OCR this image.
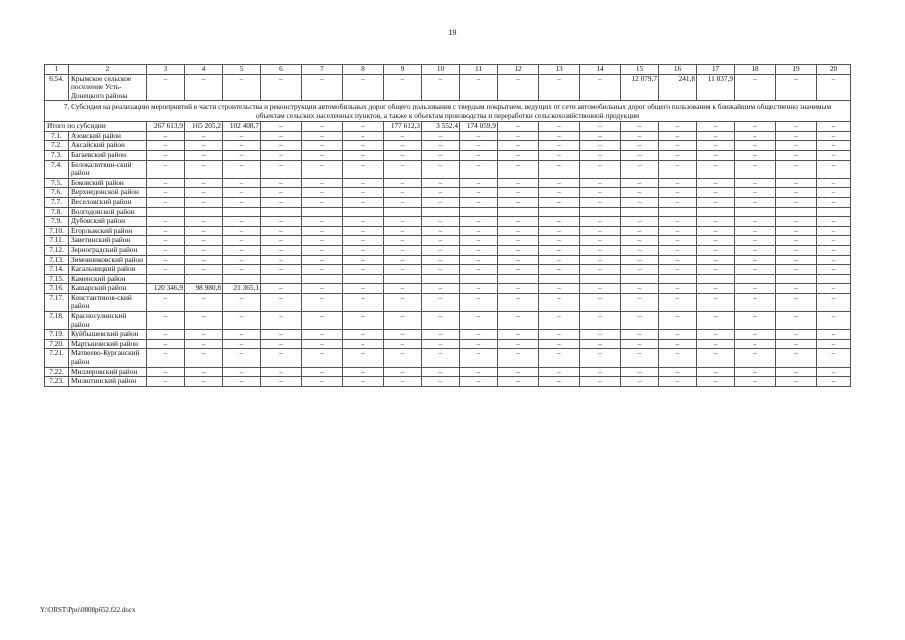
19
1	2	3	4	5	6	7	8	9	10	11	12	13	14	15	16	17	18	19	20
6.54.	Крымское сельское поселение Усть-Донецкого района	–	–	–	–	–	–	–	–	–	–	–	–	12 079,7	241,8	11 837,9	–	–	–
7. Субсидия на реализацию мероприятий в части строительства и реконструкции автомобильных дорог общего пользования с твердым покрытием, ведущих от сети автомобильных дорог общего пользования к ближайшим общественно значимым объектам сельских населенных пунктов, а также к объектам производства и переработки сельскохозяйственной продукции																			
Итого по субсидии		267 613,9	165 205,2	102 408,7	–	–	–	177 612,3	3 552,4	174 059,9	–	–	–	–	–	–	–	–	–
7.1.	Азовский район	–	–	–	–	–	–	–	–	–	–	–	–	–	–	–	–	–	–
7.2.	Аксайский район	–	–	–	–	–	–	–	–	–	–	–	–	–	–	–	–	–	–
7.3.	Багаевский район	–	–	–	–	–	–	–	–	–	–	–	–	–	–	–	–	–	–
7.4.	Белокалитвин-ский район	–	–	–	–	–	–	–	–	–	–	–	–	–	–	–	–	–	–
7.5.	Боковский район	–	–	–	–	–	–	–	–	–	–	–	–	–	–	–	–	–	–
7.6.	Верхнедонской район	–	–	–	–	–	–	–	–	–	–	–	–	–	–	–	–	–	–
7.7.	Веселовский район	–	–	–	–	–	–	–	–	–	–	–	–	–	–	–	–	–	–
7.8.	Волгодонской район																		
7.9.	Дубовский район	–	–	–	–	–	–	–	–	–	–	–	–	–	–	–	–	–	–
7.10.	Егорлыкский район	–	–	–	–	–	–	–	–	–	–	–	–	–	–	–	–	–	–
7.11.	Заветинский район	–	–	–	–	–	–	–	–	–	–	–	–	–	–	–	–	–	–
7.12.	Зерноградский район	–	–	–	–	–	–	–	–	–	–	–	–	–	–	–	–	–	–
7.13.	Зимовниковский район	–	–	–	–	–	–	–	–	–	–	–	–	–	–	–	–	–	–
7.14.	Кагальницкий район	–	–	–	–	–	–	–	–	–	–	–	–	–	–	–	–	–	–
7.15.	Каменский район																		
7.16.	Кашарский район	120 346,9	98 980,8	21 365,1	–	–	–	–	–	–	–	–	–	–	–	–	–	–	–
7.17.	Константинов-ский район	–	–	–	–	–	–	–	–	–	–	–	–	–	–	–	–	–	–
7.18.	Красносулинский район	–	–	–	–	–	–	–	–	–	–	–	–	–	–	–	–	–	–
7.19.	Куйбышевский район	–	–	–	–	–	–	–	–	–	–	–	–	–	–	–	–	–	–
7.20.	Мартыновский район	–	–	–	–	–	–	–	–	–	–	–	–	–	–	–	–	–	–
7.21.	Матвеево-Курганский район	–	–	–	–	–	–	–	–	–	–	–	–	–	–	–	–	–	–
7.22.	Миллеровский район	–	–	–	–	–	–	–	–	–	–	–	–	–	–	–	–	–	–
7.23.	Милютинский район	–	–	–	–	–	–	–	–	–	–	–	–	–	–	–	–	–	–
Y:\ORST\Ppo\0808p652.f22.docx
